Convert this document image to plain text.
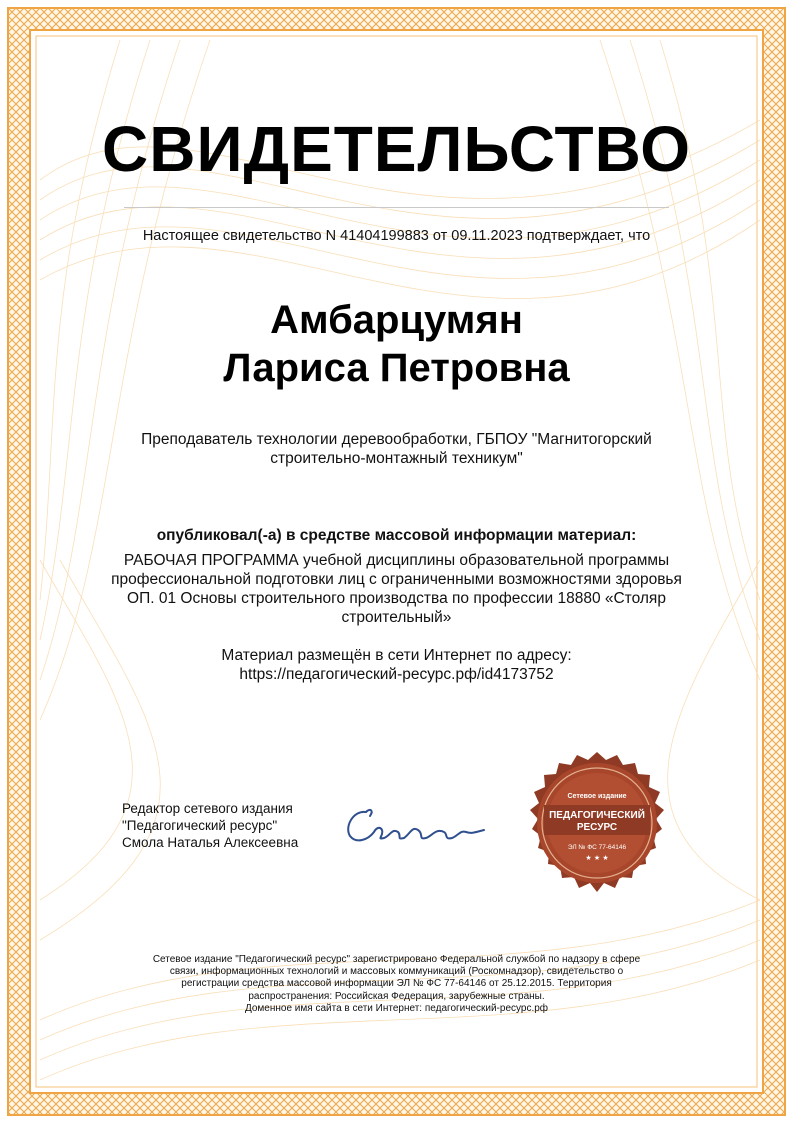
СВИДЕТЕЛЬСТВО
Настоящее свидетельство N 41404199883 от 09.11.2023 подтверждает, что
Амбарцумян
Лариса Петровна
Преподаватель технологии деревообработки, ГБПОУ "Магнитогорский строительно-монтажный техникум"
опубликовал(-а) в средстве массовой информации материал:
РАБОЧАЯ ПРОГРАММА учебной дисциплины образовательной программы профессиональной подготовки лиц с ограниченными возможностями здоровья ОП. 01 Основы строительного производства по профессии 18880 «Столяр строительный»
Материал размещён в сети Интернет по адресу:
https://педагогический-ресурс.рф/id4173752
Редактор сетевого издания
"Педагогический ресурс"
Смола Наталья Алексеевна
Сетевое издание
ПЕДАГОГИЧЕСКИЙ
РЕСУРС
ЭЛ № ФС 77-64146
★ ★ ★
Сетевое издание "Педагогический ресурс" зарегистрировано Федеральной службой по надзору в сфере
связи, информационных технологий и массовых коммуникаций (Роскомнадзор), свидетельство о
регистрации средства массовой информации ЭЛ № ФС 77-64146 от 25.12.2015. Территория
распространения: Российская Федерация, зарубежные страны.
Доменное имя сайта в сети Интернет: педагогический-ресурс.рф
